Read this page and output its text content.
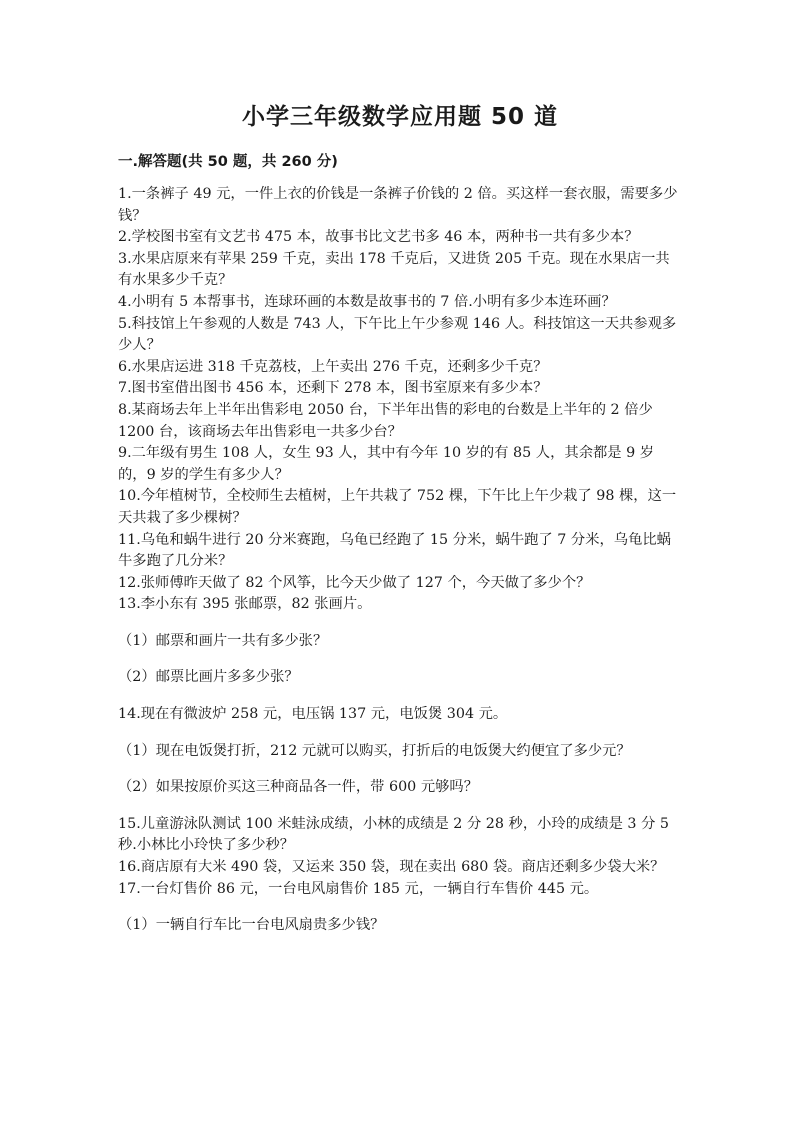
小学三年级数学应用题 50 道
一.解答题(共 50 题，共 260 分)

1.一条裤子 49 元，一件上衣的价钱是一条裤子价钱的 2 倍。买这样一套衣服，需要多少钱？

2.学校图书室有文艺书 475 本，故事书比文艺书多 46 本，两种书一共有多少本？

3.水果店原来有苹果 259 千克，卖出 178 千克后，又进货 205 千克。现在水果店一共有水果多少千克？

4.小明有 5 本帮事书，连球环画的本数是故事书的 7 倍.小明有多少本连环画？

5.科技馆上午参观的人数是 743 人，下午比上午少参观 146 人。科技馆这一天共参观多少人？

6.水果店运进 318 千克荔枝，上午卖出 276 千克，还剩多少千克？

7.图书室借出图书 456 本，还剩下 278 本，图书室原来有多少本？

8.某商场去年上半年出售彩电 2050 台，下半年出售的彩电的台数是上半年的 2 倍少 1200 台，该商场去年出售彩电一共多少台？

9.二年级有男生 108 人，女生 93 人，其中有今年 10 岁的有 85 人，其余都是 9 岁的，9 岁的学生有多少人？

10.今年植树节，全校师生去植树，上午共栽了 752 棵，下午比上午少栽了 98 棵，这一天共栽了多少棵树？

11.乌龟和蜗牛进行 20 分米赛跑，乌龟已经跑了 15 分米，蜗牛跑了 7 分米，乌龟比蜗牛多跑了几分米？

12.张师傅昨天做了 82 个风筝，比今天少做了 127 个，今天做了多少个？

13.李小东有 395 张邮票，82 张画片。

（1）邮票和画片一共有多少张？

（2）邮票比画片多多少张？

14.现在有微波炉 258 元，电压锅 137 元，电饭煲 304 元。

（1）现在电饭煲打折，212 元就可以购买，打折后的电饭煲大约便宜了多少元？

（2）如果按原价买这三种商品各一件，带 600 元够吗？

15.儿童游泳队测试 100 米蛙泳成绩，小林的成绩是 2 分 28 秒，小玲的成绩是 3 分 5 秒.小林比小玲快了多少秒？

16.商店原有大米 490 袋，又运来 350 袋，现在卖出 680 袋。商店还剩多少袋大米？

17.一台灯售价 86 元，一台电风扇售价 185 元，一辆自行车售价 445 元。

（1）一辆自行车比一台电风扇贵多少钱？
